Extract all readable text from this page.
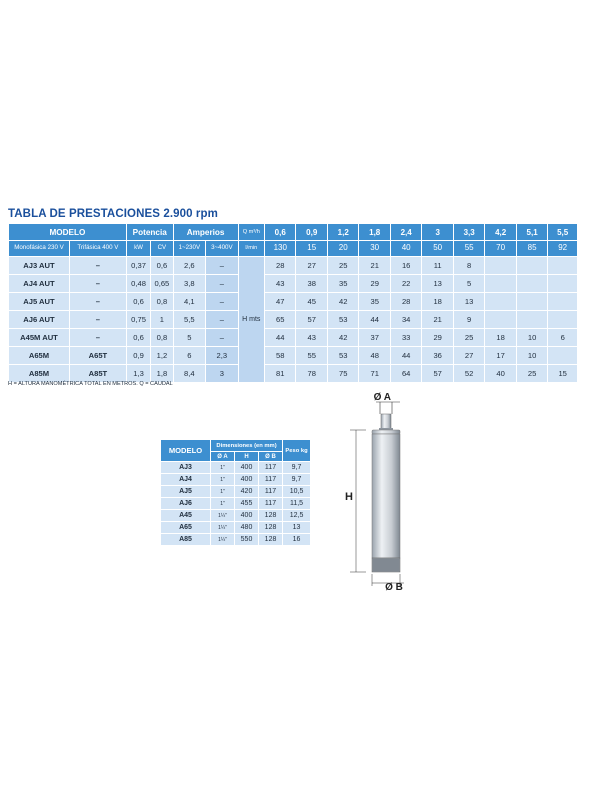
TABLA DE PRESTACIONES 2.900 rpm
MODELO		Potencia		Amperios		Q m³/h	0,6	0,9	1,2	1,8	2,4	3	3,3	4,2	5,1	5,5
Monofásica 230 V	Trifásica 400 V	kW	CV	1~230V	3~400V	l/min	130	15	20	30	40	50	55	70	85	92
AJ3 AUT	–	0,37	0,6	2,6	–	H mts	28	27	25	21	16	11	8			
AJ4 AUT	–	0,48	0,65	3,8	–		43	38	35	29	22	13	5			
AJ5 AUT	–	0,6	0,8	4,1	–		47	45	42	35	28	18	13			
AJ6 AUT	–	0,75	1	5,5	–		65	57	53	44	34	21	9			
A45M AUT	–	0,6	0,8	5	–		44	43	42	37	33	29	25	18	10	6
A65M	A65T	0,9	1,2	6	2,3		58	55	53	48	44	36	27	17	10	
A85M	A85T	1,3	1,8	8,4	3		81	78	75	71	64	57	52	40	25	15
H = ALTURA MANOMÉTRICA TOTAL EN METROS. Q = CAUDAL
MODELO	Dimensiones (en mm)			Peso kg
	Ø A	H	Ø B	
AJ3	1"	400	117	9,7
AJ4	1"	400	117	9,7
AJ5	1"	420	117	10,5
AJ6	1"	455	117	11,5
A45	1¼"	400	128	12,5
A65	1¼"	480	128	13
A85	1¼"	550	128	16
Ø A
H
Ø B
